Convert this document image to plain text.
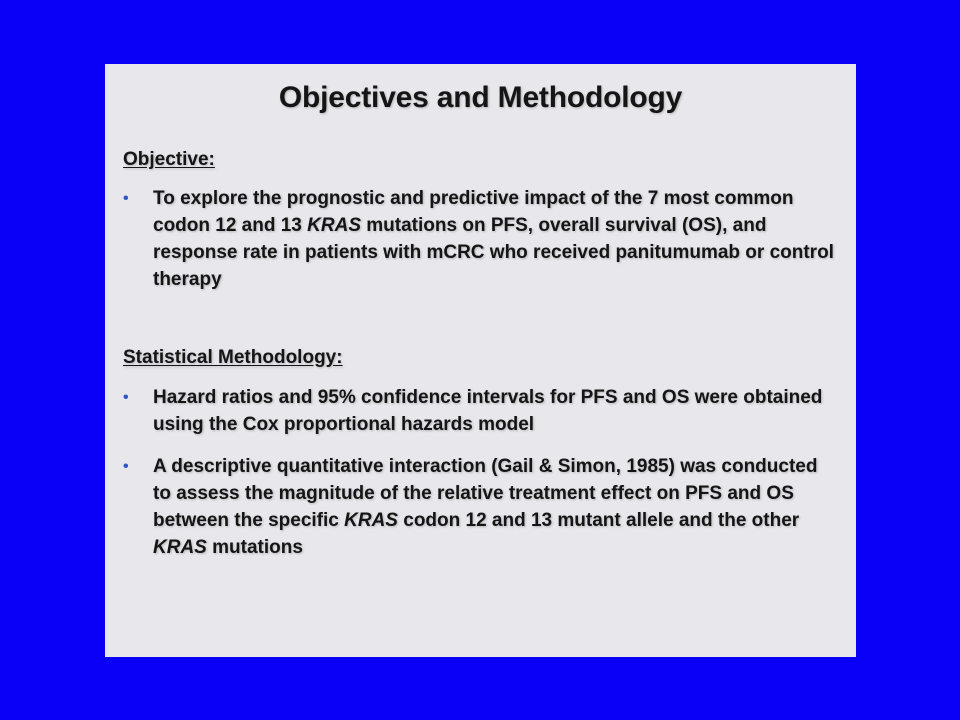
Objectives and Methodology
Objective:
•	To explore the prognostic and predictive impact of the 7 most common codon 12 and 13 KRAS mutations on PFS, overall survival (OS), and response rate in patients with mCRC who received panitumumab or control therapy
Statistical Methodology:
•	Hazard ratios and 95% confidence intervals for PFS and OS were obtained using the Cox proportional hazards model
•	A descriptive quantitative interaction (Gail & Simon, 1985) was conducted to assess the magnitude of the relative treatment effect on PFS and OS between the specific KRAS codon 12 and 13 mutant allele and the other KRAS mutations
